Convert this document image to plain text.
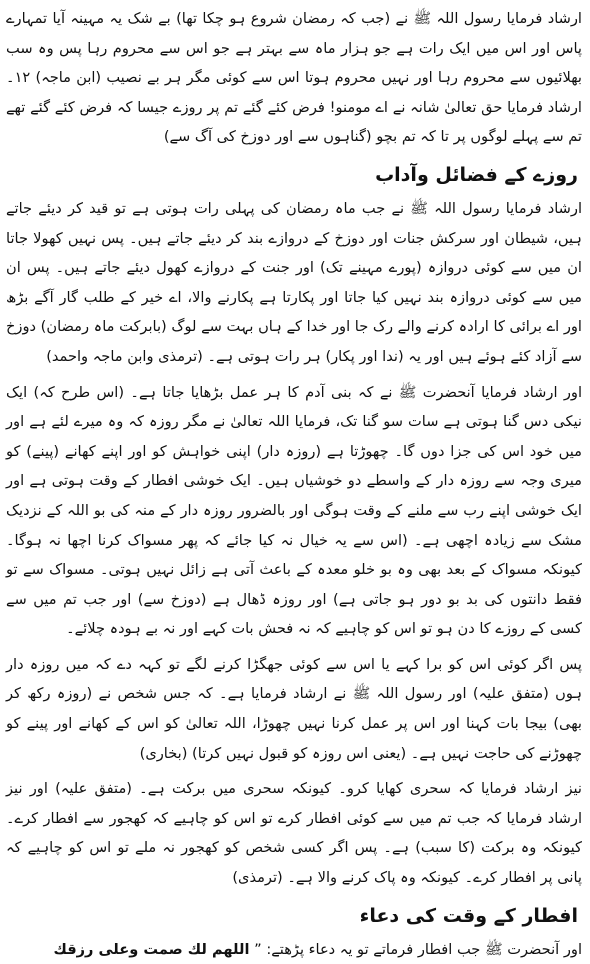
ارشاد فرمایا رسول اللہ ﷺ نے (جب کہ رمضان شروع ہو چکا تھا) بے شک یہ مہینہ آیا تمہارے پاس اور اس میں ایک رات ہے جو ہزار ماہ سے بہتر ہے جو اس سے محروم رہا پس وہ سب بھلائیوں سے محروم رہا اور نہیں محروم ہوتا اس سے کوئی مگر ہر بے نصیب (ابن ماجہ) ۱۲۔ ارشاد فرمایا حق تعالیٰ شانہ نے اے مومنو! فرض کئے گئے تم پر روزے جیسا کہ فرض کئے گئے تھے تم سے پہلے لوگوں پر تا کہ تم بچو (گناہوں سے اور دوزخ کی آگ سے)

روزے کے فضائل وآداب

ارشاد فرمایا رسول اللہ ﷺ نے جب ماہ رمضان کی پہلی رات ہوتی ہے تو قید کر دیئے جاتے ہیں، شیطان اور سرکش جنات اور دوزخ کے دروازے بند کر دیئے جاتے ہیں۔ پس نہیں کھولا جاتا ان میں سے کوئی دروازہ (پورے مہینے تک) اور جنت کے دروازے کھول دیئے جاتے ہیں۔ پس ان میں سے کوئی دروازہ بند نہیں کیا جاتا اور پکارتا ہے پکارنے والا، اے خیر کے طلب گار آگے بڑھ اور اے برائی کا ارادہ کرنے والے رک جا اور خدا کے ہاں بہت سے لوگ (بابرکت ماہ رمضان) دوزخ سے آزاد کئے ہوئے ہیں اور یہ (ندا اور پکار) ہر رات ہوتی ہے۔ (ترمذی وابن ماجہ واحمد)

اور ارشاد فرمایا آنحضرت ﷺ نے کہ بنی آدم کا ہر عمل بڑھایا جاتا ہے۔ (اس طرح کہ) ایک نیکی دس گنا ہوتی ہے سات سو گنا تک، فرمایا اللہ تعالیٰ نے مگر روزہ کہ وہ میرے لئے ہے اور میں خود اس کی جزا دوں گا۔ چھوڑتا ہے (روزہ دار) اپنی خواہش کو اور اپنے کھانے (پینے) کو میری وجہ سے روزہ دار کے واسطے دو خوشیاں ہیں۔ ایک خوشی افطار کے وقت ہوتی ہے اور ایک خوشی اپنے رب سے ملنے کے وقت ہوگی اور بالضرور روزہ دار کے منہ کی بو اللہ کے نزدیک مشک سے زیادہ اچھی ہے۔ (اس سے یہ خیال نہ کیا جائے کہ پھر مسواک کرنا اچھا نہ ہوگا۔ کیونکہ مسواک کے بعد بھی وہ بو خلو معدہ کے باعث آتی ہے زائل نہیں ہوتی۔ مسواک سے تو فقط دانتوں کی بد بو دور ہو جاتی ہے) اور روزہ ڈھال ہے (دوزخ سے) اور جب تم میں سے کسی کے روزے کا دن ہو تو اس کو چاہیے کہ نہ فحش بات کہے اور نہ بے ہودہ چلائے۔

پس اگر کوئی اس کو برا کہے یا اس سے کوئی جھگڑا کرنے لگے تو کہہ دے کہ میں روزہ دار ہوں (متفق علیہ) اور رسول اللہ ﷺ نے ارشاد فرمایا ہے۔ کہ جس شخص نے (روزہ رکھ کر بھی) بیجا بات کہنا اور اس پر عمل کرنا نہیں چھوڑا، اللہ تعالیٰ کو اس کے کھانے اور پینے کو چھوڑنے کی حاجت نہیں ہے۔ (یعنی اس روزہ کو قبول نہیں کرتا) (بخاری)

نیز ارشاد فرمایا کہ سحری کھایا کرو۔ کیونکہ سحری میں برکت ہے۔ (متفق علیہ) اور نیز ارشاد فرمایا کہ جب تم میں سے کوئی افطار کرے تو اس کو چاہیے کہ کھجور سے افطار کرے۔ کیونکہ وہ برکت (کا سبب) ہے۔ پس اگر کسی شخص کو کھجور نہ ملے تو اس کو چاہیے کہ پانی پر افطار کرے۔ کیونکہ وہ پاک کرنے والا ہے۔ (ترمذی)

افطار کے وقت کی دعاء

اور آنحضرت ﷺ جب افطار فرماتے تو یہ دعاء پڑھتے: ” اللهم لك صمت وعلى رزقك
